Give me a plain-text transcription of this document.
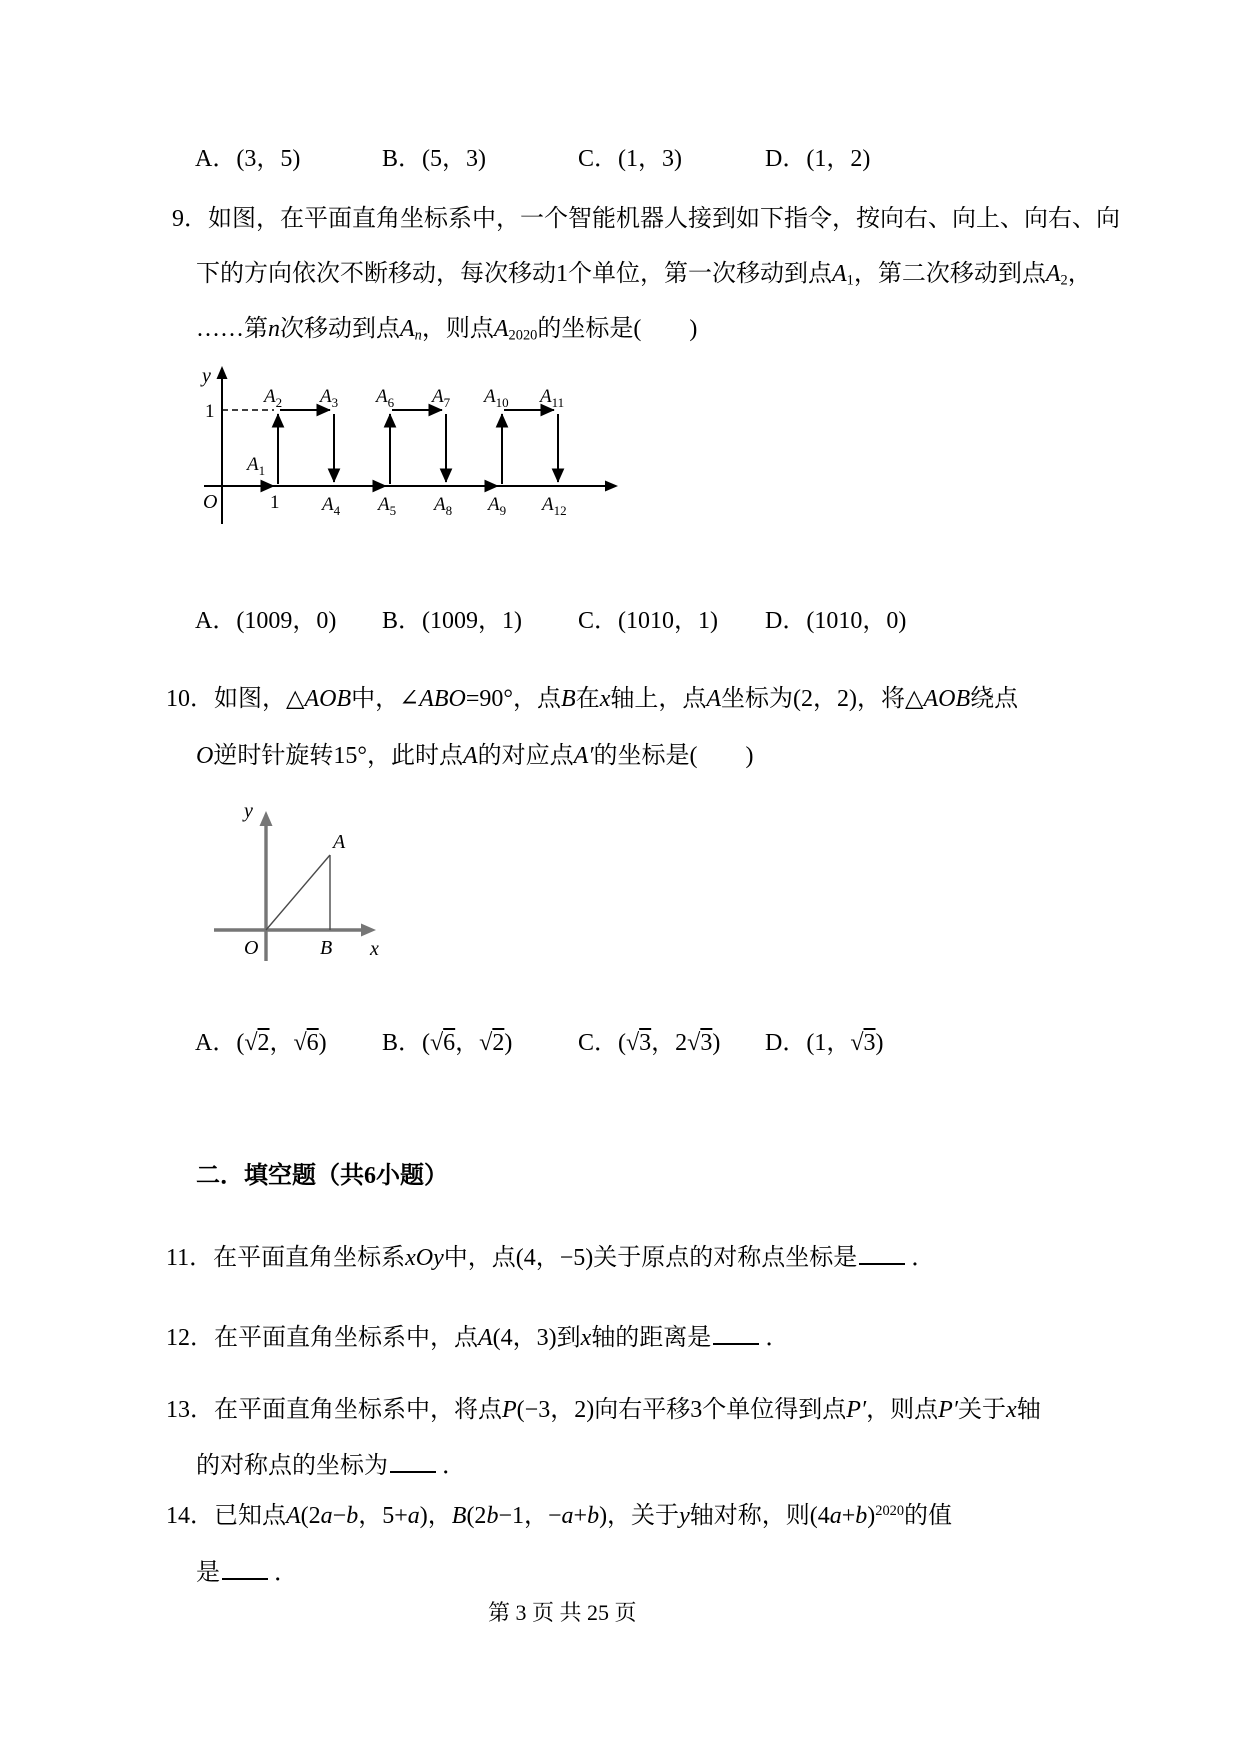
A．(3，5)	B．(5，3)	C．(1，3)	D．(1，2)
9．如图，在平面直角坐标系中，一个智能机器人接到如下指令，按向右、向上、向右、向
下的方向依次不断移动，每次移动1个单位，第一次移动到点$A_1$，第二次移动到点$A_2$，
……第n次移动到点$A_n$，则点$A_{2020}$的坐标是(　　)
y
1
O	1
$A_1$
$A_2$ $A_3$ $A_6$ $A_7$ $A_{10}$ $A_{11}$
$A_4$ $A_5$ $A_8$ $A_9$ $A_{12}$
A．(1009，0) B．(1009，1) C．(1010，1) D．(1010，0)
10．如图，△AOB中，∠ABO=90°，点B在x轴上，点A坐标为(2，2)，将△AOB绕点
O逆时针旋转15°，此时点A的对应点A′的坐标是(　　)
y
A
O	B x
A．(√2，√6) B．(√6，√2)	C．(√3，2√3) D．(1，√3)
二．填空题（共6小题）
11．在平面直角坐标系xOy中，点(4，−5)关于原点的对称点坐标是 ．
12．在平面直角坐标系中，点A(4，3)到x轴的距离是 ．
13．在平面直角坐标系中，将点P(−3，2)向右平移3个单位得到点P′，则点P′关于x轴
的对称点的坐标为 ．
14．已知点A(2a−b，5+a)，B(2b−1，−a+b)，关于y轴对称，则$(4a+b)^{2020}$的值
是 ．
第 3 页 共 25 页
